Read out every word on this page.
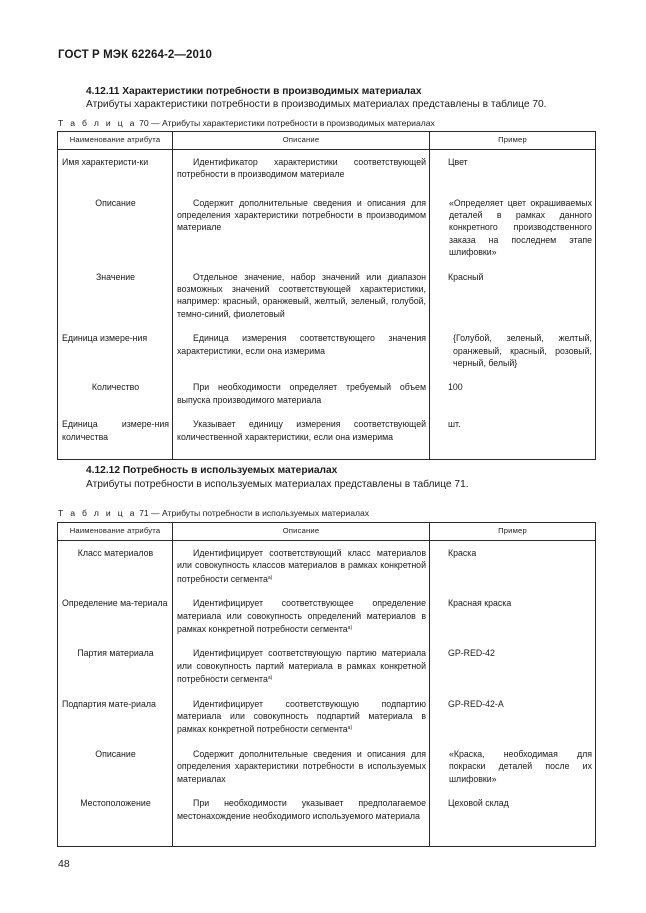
ГОСТ Р МЭК 62264-2—2010
4.12.11 Характеристики потребности в производимых материалах
Атрибуты характеристики потребности в производимых материалах представлены в таблице 70.
Т а б л и ц а 70 — Атрибуты характеристики потребности в производимых материалах
Наименование атрибута	Описание	Пример
Имя характеристи-ки	Идентификатор характеристики соответствующей потребности в производимом материале	Цвет
Описание	Содержит дополнительные сведения и описания для определения характеристики потребности в производимом материале	«Определяет цвет окрашиваемых деталей в рамках данного конкретного производственного заказа на последнем этапе шлифовки»
Значение	Отдельное значение, набор значений или диапазон возможных значений соответствующей характеристики, например: красный, оранжевый, желтый, зеленый, голубой, темно-синий, фиолетовый	Красный
Единица измере-ния	Единица измерения соответствующего значения характеристики, если она измерима	{Голубой, зеленый, желтый, оранжевый, красный, розовый, черный, белый}
Количество	При необходимости определяет требуемый объем выпуска производимого материала	100
Единица измере-ния количества	Указывает единицу измерения соответствующей количественной характеристики, если она измерима	шт.
4.12.12 Потребность в используемых материалах
Атрибуты потребности в используемых материалах представлены в таблице 71.
Т а б л и ц а 71 — Атрибуты потребности в используемых материалах
Наименование атрибута	Описание	Пример
Класс материалов	Идентифицирует соответствующий класс материалов или совокупность классов материалов в рамках конкретной потребности сегмента$^{а)}$	Краска
Определение ма-териала	Идентифицирует соответствующее определение материала или совокупность определений материалов в рамках конкретной потребности сегмента$^{а)}$	Красная краска
Партия материала	Идентифицирует соответствующую партию материала или совокупность партий материала в рамках конкретной потребности сегмента$^{а)}$	GP-RED-42
Подпартия мате-риала	Идентифицирует соответствующую подпартию материала или совокупность подпартий материала в рамках конкретной потребности сегмента$^{а)}$	GP-RED-42-A
Описание	Содержит дополнительные сведения и описания для определения характеристики потребности в используемых материалах	«Краска, необходимая для покраски деталей после их шлифовки»
Местоположение	При необходимости указывает предполагаемое местонахождение необходимого используемого материала	Цеховой склад
48
